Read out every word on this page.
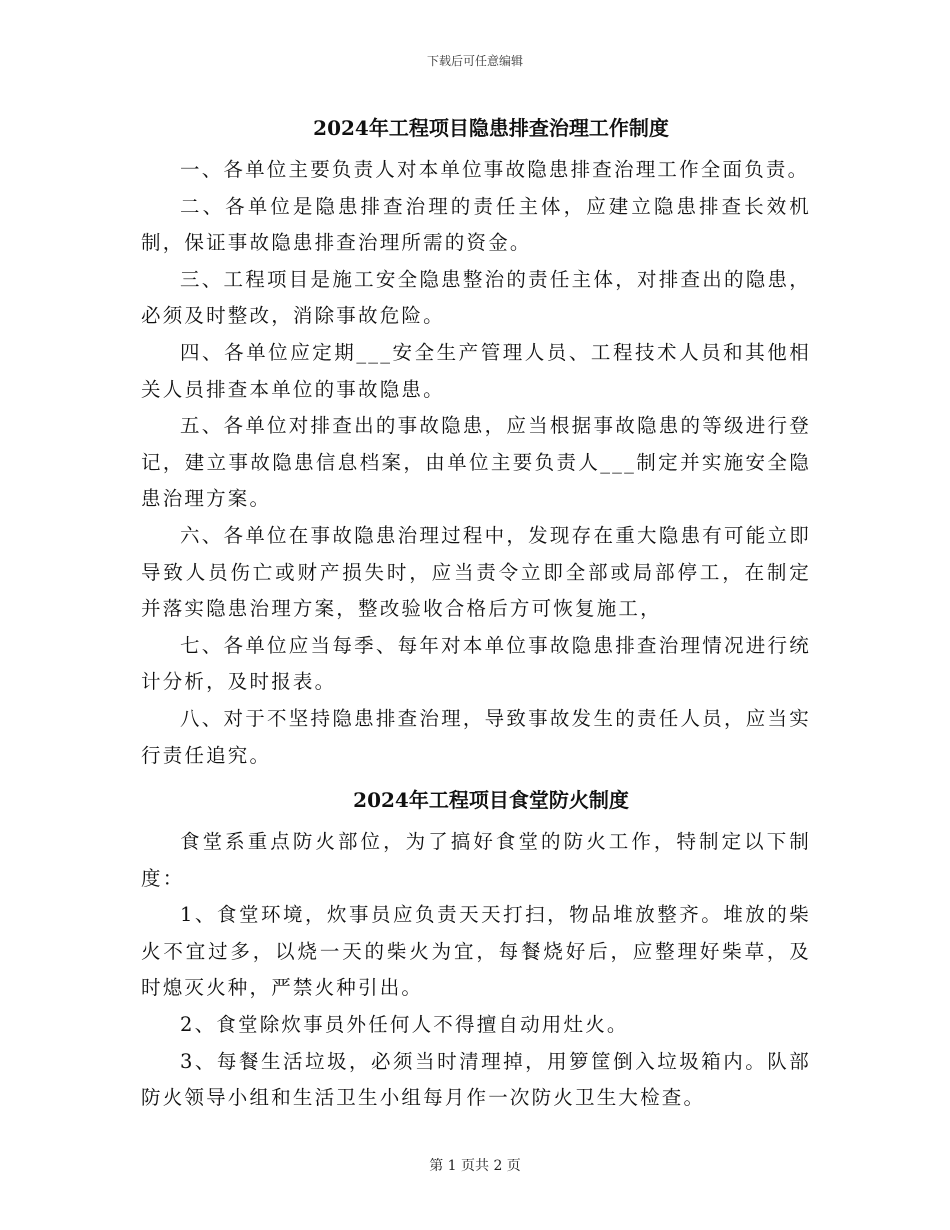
下载后可任意编辑
2024年工程项目隐患排查治理工作制度

一、各单位主要负责人对本单位事故隐患排查治理工作全面负责。

二、各单位是隐患排查治理的责任主体，应建立隐患排查长效机制，保证事故隐患排查治理所需的资金。

三、工程项目是施工安全隐患整治的责任主体，对排查出的隐患，必须及时整改，消除事故危险。

四、各单位应定期___安全生产管理人员、工程技术人员和其他相关人员排查本单位的事故隐患。

五、各单位对排查出的事故隐患，应当根据事故隐患的等级进行登记，建立事故隐患信息档案，由单位主要负责人___制定并实施安全隐患治理方案。

六、各单位在事故隐患治理过程中，发现存在重大隐患有可能立即导致人员伤亡或财产损失时，应当责令立即全部或局部停工，在制定并落实隐患治理方案，整改验收合格后方可恢复施工，

七、各单位应当每季、每年对本单位事故隐患排查治理情况进行统计分析，及时报表。

八、对于不坚持隐患排查治理，导致事故发生的责任人员，应当实行责任追究。

2024年工程项目食堂防火制度

食堂系重点防火部位，为了搞好食堂的防火工作，特制定以下制度：

1、食堂环境，炊事员应负责天天打扫，物品堆放整齐。堆放的柴火不宜过多，以烧一天的柴火为宜，每餐烧好后，应整理好柴草，及时熄灭火种，严禁火种引出。

2、食堂除炊事员外任何人不得擅自动用灶火。

3、每餐生活垃圾，必须当时清理掉，用箩筐倒入垃圾箱内。队部防火领导小组和生活卫生小组每月作一次防火卫生大检查。

第 1 页共 2 页
